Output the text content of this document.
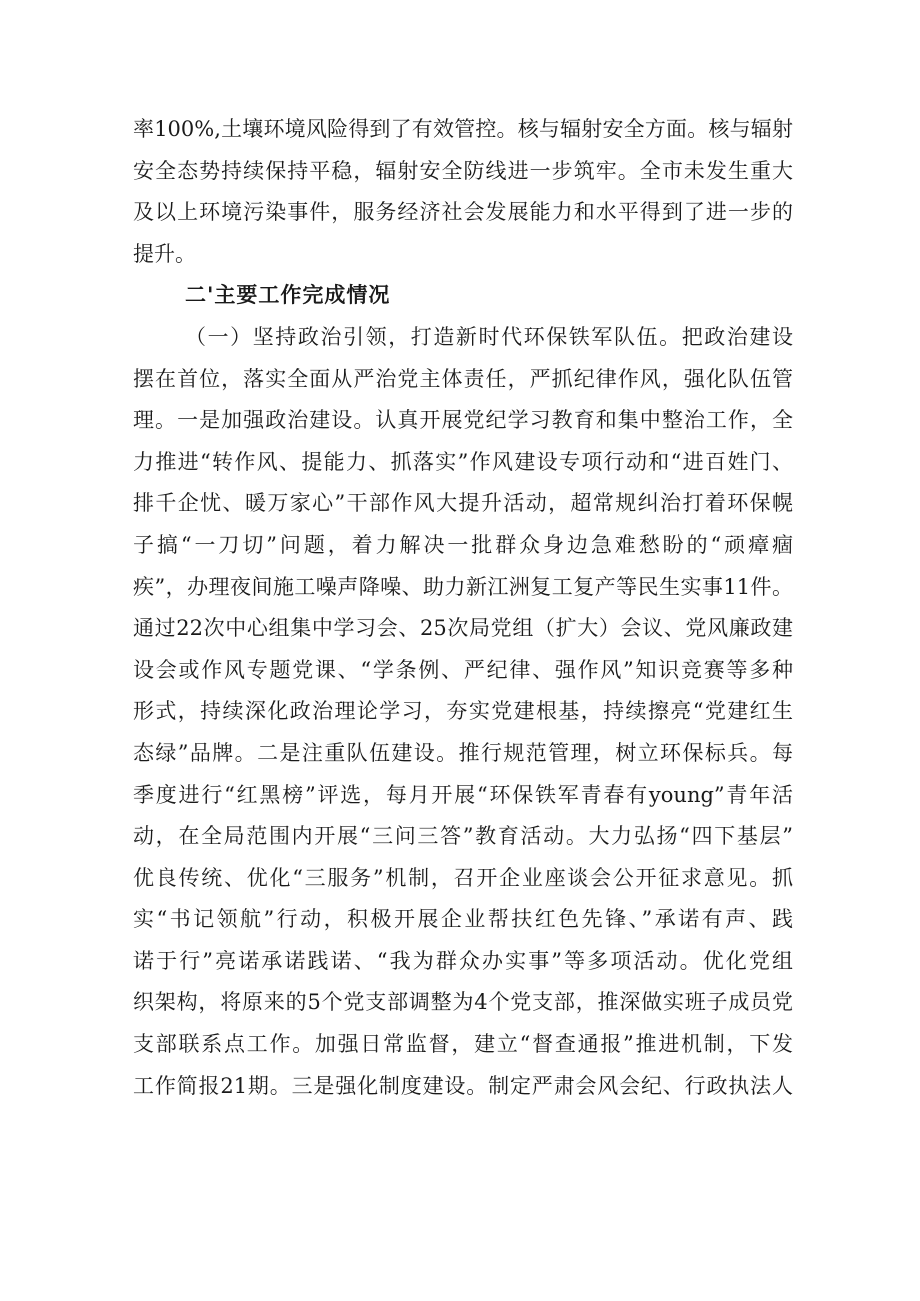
率100%,土壤环境风险得到了有效管控。核与辐射安全方面。核与辐射
安全态势持续保持平稳，辐射安全防线进一步筑牢。全市未发生重大
及以上环境污染事件，服务经济社会发展能力和水平得到了进一步的
提升。
二'主要工作完成情况
（一）坚持政治引领，打造新时代环保铁军队伍。把政治建设
摆在首位，落实全面从严治党主体责任，严抓纪律作风，强化队伍管
理。一是加强政治建设。认真开展党纪学习教育和集中整治工作，全
力推进“转作风、提能力、抓落实”作风建设专项行动和“进百姓门、
排千企忧、暖万家心”干部作风大提升活动，超常规纠治打着环保幌
子搞“一刀切”问题，着力解决一批群众身边急难愁盼的“顽瘴痼
疾”，办理夜间施工噪声降噪、助力新江洲复工复产等民生实事11件。
通过22次中心组集中学习会、25次局党组（扩大）会议、党风廉政建
设会或作风专题党课、“学条例、严纪律、强作风”知识竞赛等多种
形式，持续深化政治理论学习，夯实党建根基，持续擦亮“党建红生
态绿”品牌。二是注重队伍建设。推行规范管理，树立环保标兵。每
季度进行“红黑榜”评选，每月开展“环保铁军青春有young”青年活
动，在全局范围内开展“三问三答”教育活动。大力弘扬“四下基层”
优良传统、优化“三服务”机制，召开企业座谈会公开征求意见。抓
实“书记领航”行动，积极开展企业帮扶红色先锋、”承诺有声、践
诺于行”亮诺承诺践诺、“我为群众办实事”等多项活动。优化党组
织架构，将原来的5个党支部调整为4个党支部，推深做实班子成员党
支部联系点工作。加强日常监督，建立“督查通报”推进机制，下发
工作简报21期。三是强化制度建设。制定严肃会风会纪、行政执法人
